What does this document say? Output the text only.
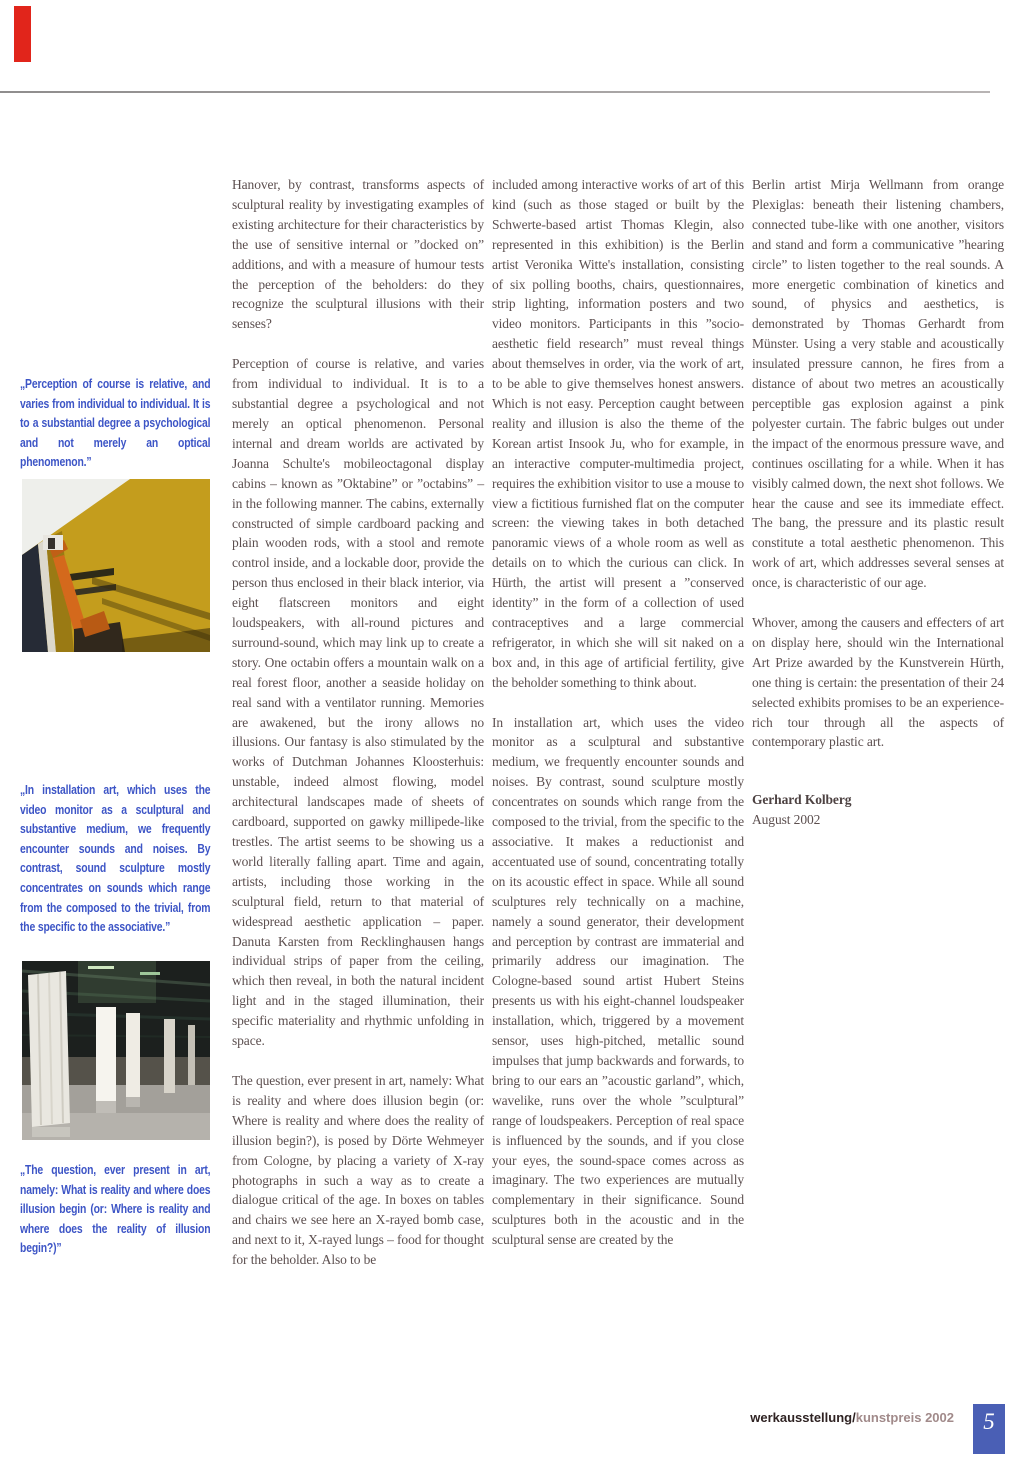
„Perception of course is relative, and varies from individual to individual. It is to a substantial degree a psychological and not merely an optical phenomenon.”
„In installation art, which uses the video monitor as a sculptural and substantive medium, we frequently encounter sounds and noises. By contrast, sound sculpture mostly concentrates on sounds which range from the composed to the trivial, from the specific to the associative.”
„The question, ever present in art, namely: What is reality and where does illusion begin (or: Where is reality and where does the reality of illusion begin?)”

Hanover, by contrast, transforms aspects of sculptural reality by investigating examples of existing architecture for their characteristics by the use of sensitive internal or ”docked on” additions, and with a measure of humour tests the perception of the beholders: do they recognize the sculptural illusions with their senses?

Perception of course is relative, and varies from individual to individual. It is to a substantial degree a psychological and not merely an optical phenomenon. Personal internal and dream worlds are activated by Joanna Schulte's mobileoctagonal display cabins – known as ”Oktabine” or ”octabins” – in the following manner. The cabins, externally constructed of simple cardboard packing and plain wooden rods, with a stool and remote control inside, and a lockable door, provide the person thus enclosed in their black interior, via eight flatscreen monitors and eight loudspeakers, with all-round pictures and surround-sound, which may link up to create a story. One octabin offers a mountain walk on a real forest floor, another a seaside holiday on real sand with a ventilator running. Memories are awakened, but the irony allows no illusions. Our fantasy is also stimulated by the works of Dutchman Johannes Kloosterhuis: unstable, indeed almost flowing, model architectural landscapes made of sheets of cardboard, supported on gawky millipede-like trestles. The artist seems to be showing us a world literally falling apart. Time and again, artists, including those working in the sculptural field, return to that material of widespread aesthetic application – paper. Danuta Karsten from Recklinghausen hangs individual strips of paper from the ceiling, which then reveal, in both the natural incident light and in the staged illumination, their specific materiality and rhythmic unfolding in space.

The question, ever present in art, namely: What is reality and where does illusion begin (or: Where is reality and where does the reality of illusion begin?), is posed by Dörte Wehmeyer from Cologne, by placing a variety of X-ray photographs in such a way as to create a dialogue critical of the age. In boxes on tables and chairs we see here an X-rayed bomb case, and next to it, X-rayed lungs – food for thought for the beholder. Also to be

included among interactive works of art of this kind (such as those staged or built by the Schwerte-based artist Thomas Klegin, also represented in this exhibition) is the Berlin artist Veronika Witte's installation, consisting of six polling booths, chairs, questionnaires, strip lighting, information posters and two video monitors. Participants in this ”socio-aesthetic field research” must reveal things about themselves in order, via the work of art, to be able to give themselves honest answers. Which is not easy. Perception caught between reality and illusion is also the theme of the Korean artist Insook Ju, who for example, in an interactive computer-multimedia project, requires the exhibition visitor to use a mouse to view a fictitious furnished flat on the computer screen: the viewing takes in both detached panoramic views of a whole room as well as details on to which the curious can click. In Hürth, the artist will present a ”conserved identity” in the form of a collection of used contraceptives and a large commercial refrigerator, in which she will sit naked on a box and, in this age of artificial fertility, give the beholder something to think about.

In installation art, which uses the video monitor as a sculptural and substantive medium, we frequently encounter sounds and noises. By contrast, sound sculpture mostly concentrates on sounds which range from the composed to the trivial, from the specific to the associative. It makes a reductionist and accentuated use of sound, concentrating totally on its acoustic effect in space. While all sound sculptures rely technically on a machine, namely a sound generator, their development and perception by contrast are immaterial and primarily address our imagination. The Cologne-based sound artist Hubert Steins presents us with his eight-channel loudspeaker installation, which, triggered by a movement sensor, uses high-pitched, metallic sound impulses that jump backwards and forwards, to bring to our ears an ”acoustic garland”, which, wavelike, runs over the whole ”sculptural” range of loudspeakers. Perception of real space is influenced by the sounds, and if you close your eyes, the sound-space comes across as imaginary. The two experiences are mutually complementary in their significance. Sound sculptures both in the acoustic and in the sculptural sense are created by the

Berlin artist Mirja Wellmann from orange Plexiglas: beneath their listening chambers, connected tube-like with one another, visitors and stand and form a communicative ”hearing circle” to listen together to the real sounds. A more energetic combination of kinetics and sound, of physics and aesthetics, is demonstrated by Thomas Gerhardt from Münster. Using a very stable and acoustically insulated pressure cannon, he fires from a distance of about two metres an acoustically perceptible gas explosion against a pink polyester curtain. The fabric bulges out under the impact of the enormous pressure wave, and continues oscillating for a while. When it has visibly calmed down, the next shot follows. We hear the cause and see its immediate effect. The bang, the pressure and its plastic result constitute a total aesthetic phenomenon. This work of art, which addresses several senses at once, is characteristic of our age.

Whover, among the causers and effecters of art on display here, should win the International Art Prize awarded by the Kunstverein Hürth, one thing is certain: the presentation of their 24 selected exhibits promises to be an experience-rich tour through all the aspects of contemporary plastic art.

Gerhard Kolberg
August 2002
werkausstellung/kunstpreis 2002	5
